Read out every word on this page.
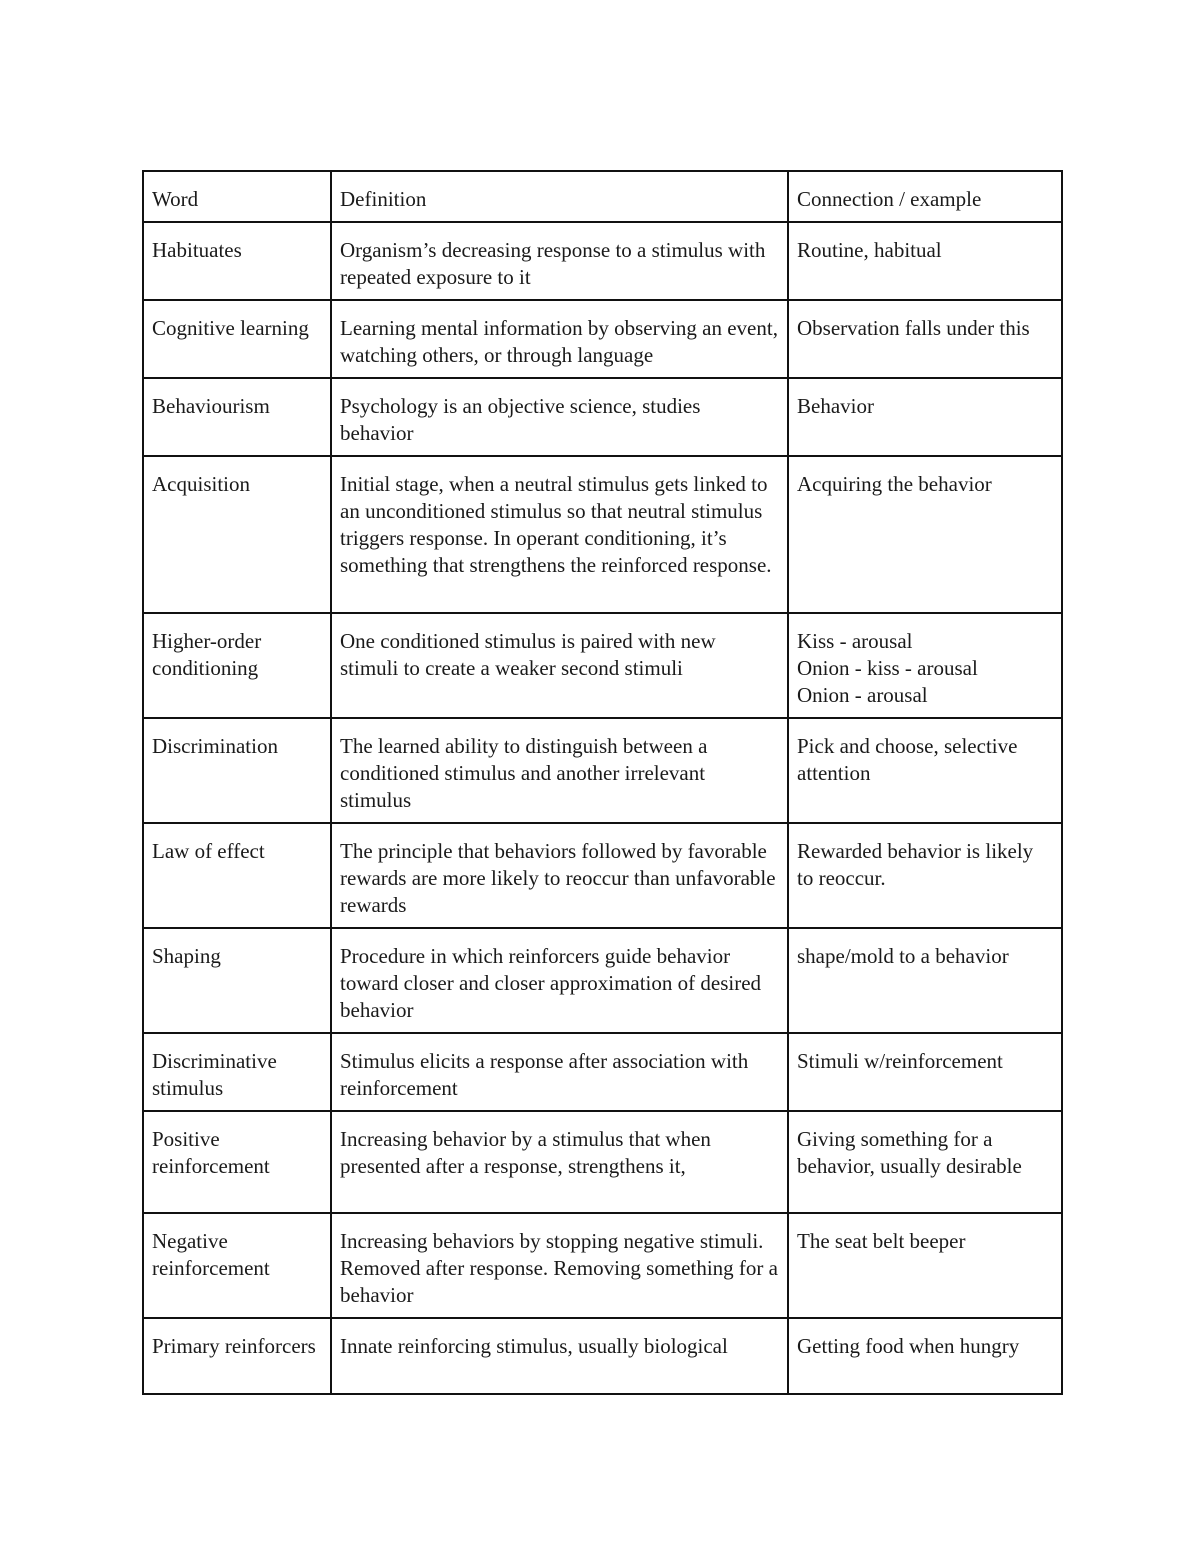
Word	Definition	Connection / example
Habituates	Organism’s decreasing response to a stimulus with repeated exposure to it	Routine, habitual

Cognitive learning	Learning mental information by observing an event, watching others, or through language	Observation falls under this

Behaviourism	Psychology is an objective science, studies behavior	Behavior

Acquisition	Initial stage, when a neutral stimulus gets linked to an unconditioned stimulus so that neutral stimulus triggers response. In operant conditioning, it’s something that strengthens the reinforced response.	Acquiring the behavior

Higher-order conditioning	One conditioned stimulus is paired with new stimuli to create a weaker second stimuli	Kiss - arousal
Onion - kiss - arousal
Onion - arousal

Discrimination	The learned ability to distinguish between a conditioned stimulus and another irrelevant stimulus	Pick and choose, selective attention

Law of effect	The principle that behaviors followed by favorable rewards are more likely to reoccur than unfavorable rewards	Rewarded behavior is likely to reoccur.

Shaping	Procedure in which reinforcers guide behavior toward closer and closer approximation of desired behavior	shape/mold to a behavior

Discriminative stimulus	Stimulus elicits a response after association with reinforcement	Stimuli w/reinforcement

Positive reinforcement	Increasing behavior by a stimulus that when presented after a response, strengthens it,	Giving something for a behavior, usually desirable

Negative reinforcement	Increasing behaviors by stopping negative stimuli. Removed after response. Removing something for a behavior	The seat belt beeper

Primary reinforcers	Innate reinforcing stimulus, usually biological	Getting food when hungry
